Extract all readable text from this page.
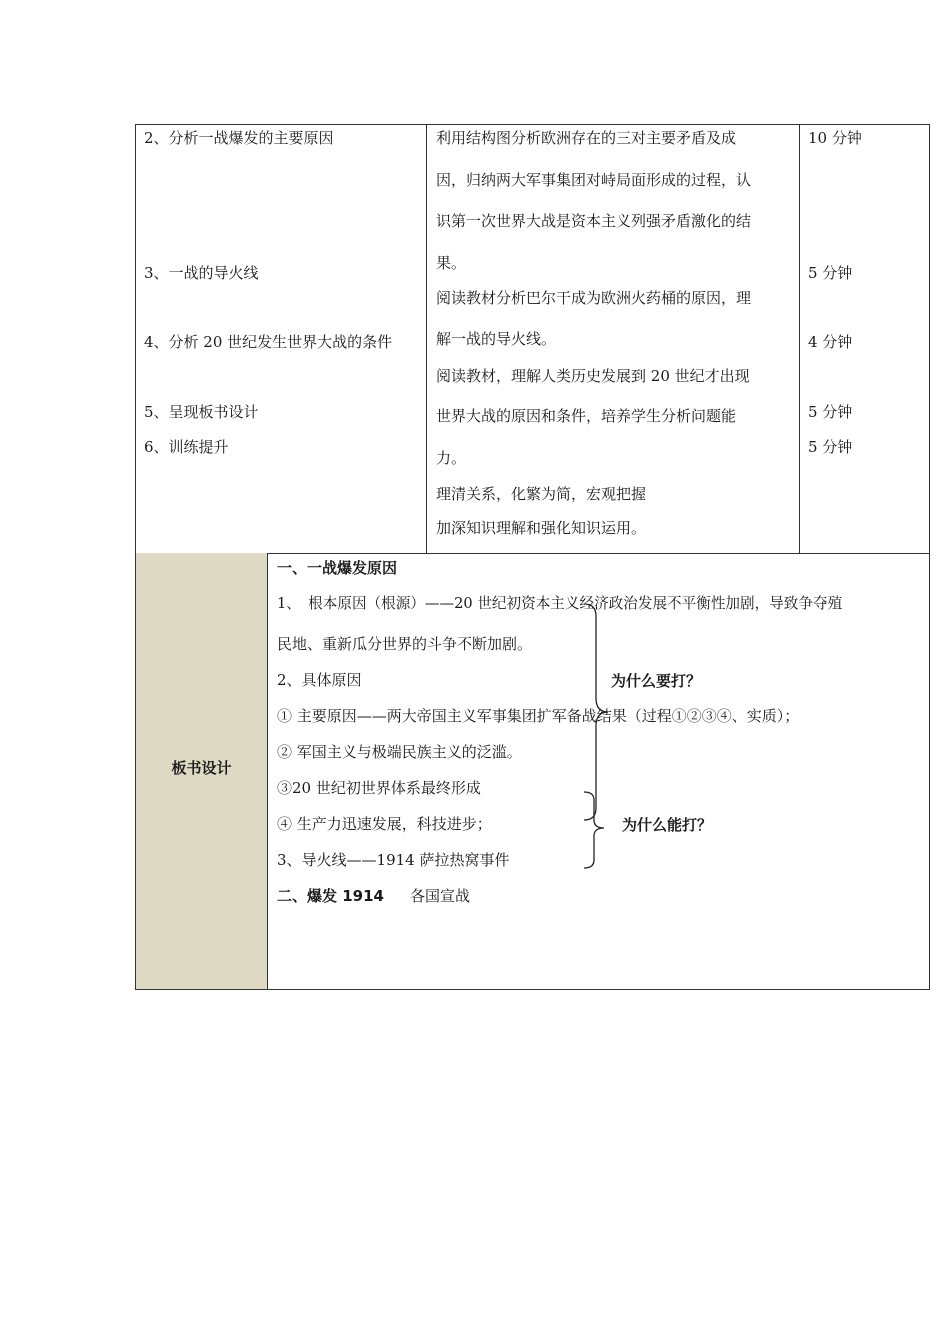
2、分析一战爆发的主要原因
3、一战的导火线
4、分析 20 世纪发生世界大战的条件
5、呈现板书设计
6、训练提升
利用结构图分析欧洲存在的三对主要矛盾及成
因，归纳两大军事集团对峙局面形成的过程，认
识第一次世界大战是资本主义列强矛盾激化的结
果。
阅读教材分析巴尔干成为欧洲火药桶的原因，理
解一战的导火线。
阅读教材，理解人类历史发展到 20 世纪才出现
世界大战的原因和条件，培养学生分析问题能
力。
理清关系，化繁为简，宏观把握
加深知识理解和强化知识运用。
10 分钟
5 分钟
4 分钟
5 分钟
5 分钟
板书设计
一、一战爆发原因
1、　根本原因（根源）——20 世纪初资本主义经济政治发展不平衡性加剧，导致争夺殖
民地、重新瓜分世界的斗争不断加剧。
2、具体原因
① 主要原因——两大帝国主义军事集团扩军备战结果（过程①②③④、实质）；
② 军国主义与极端民族主义的泛滥。
③20 世纪初世界体系最终形成
④ 生产力迅速发展，科技进步；
3、导火线——1914 萨拉热窝事件
二、爆发 1914 各国宣战
为什么要打？
为什么能打？
